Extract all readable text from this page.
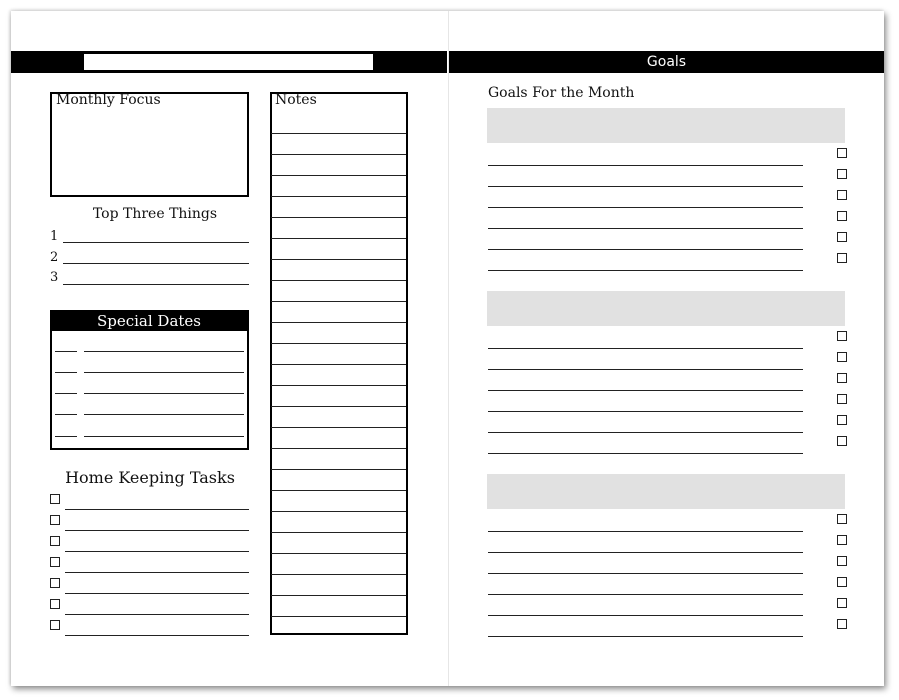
Monthly Focus
Top Three Things
1
2
3
Special Dates
Home Keeping Tasks
Notes
Goals
Goals For the Month
